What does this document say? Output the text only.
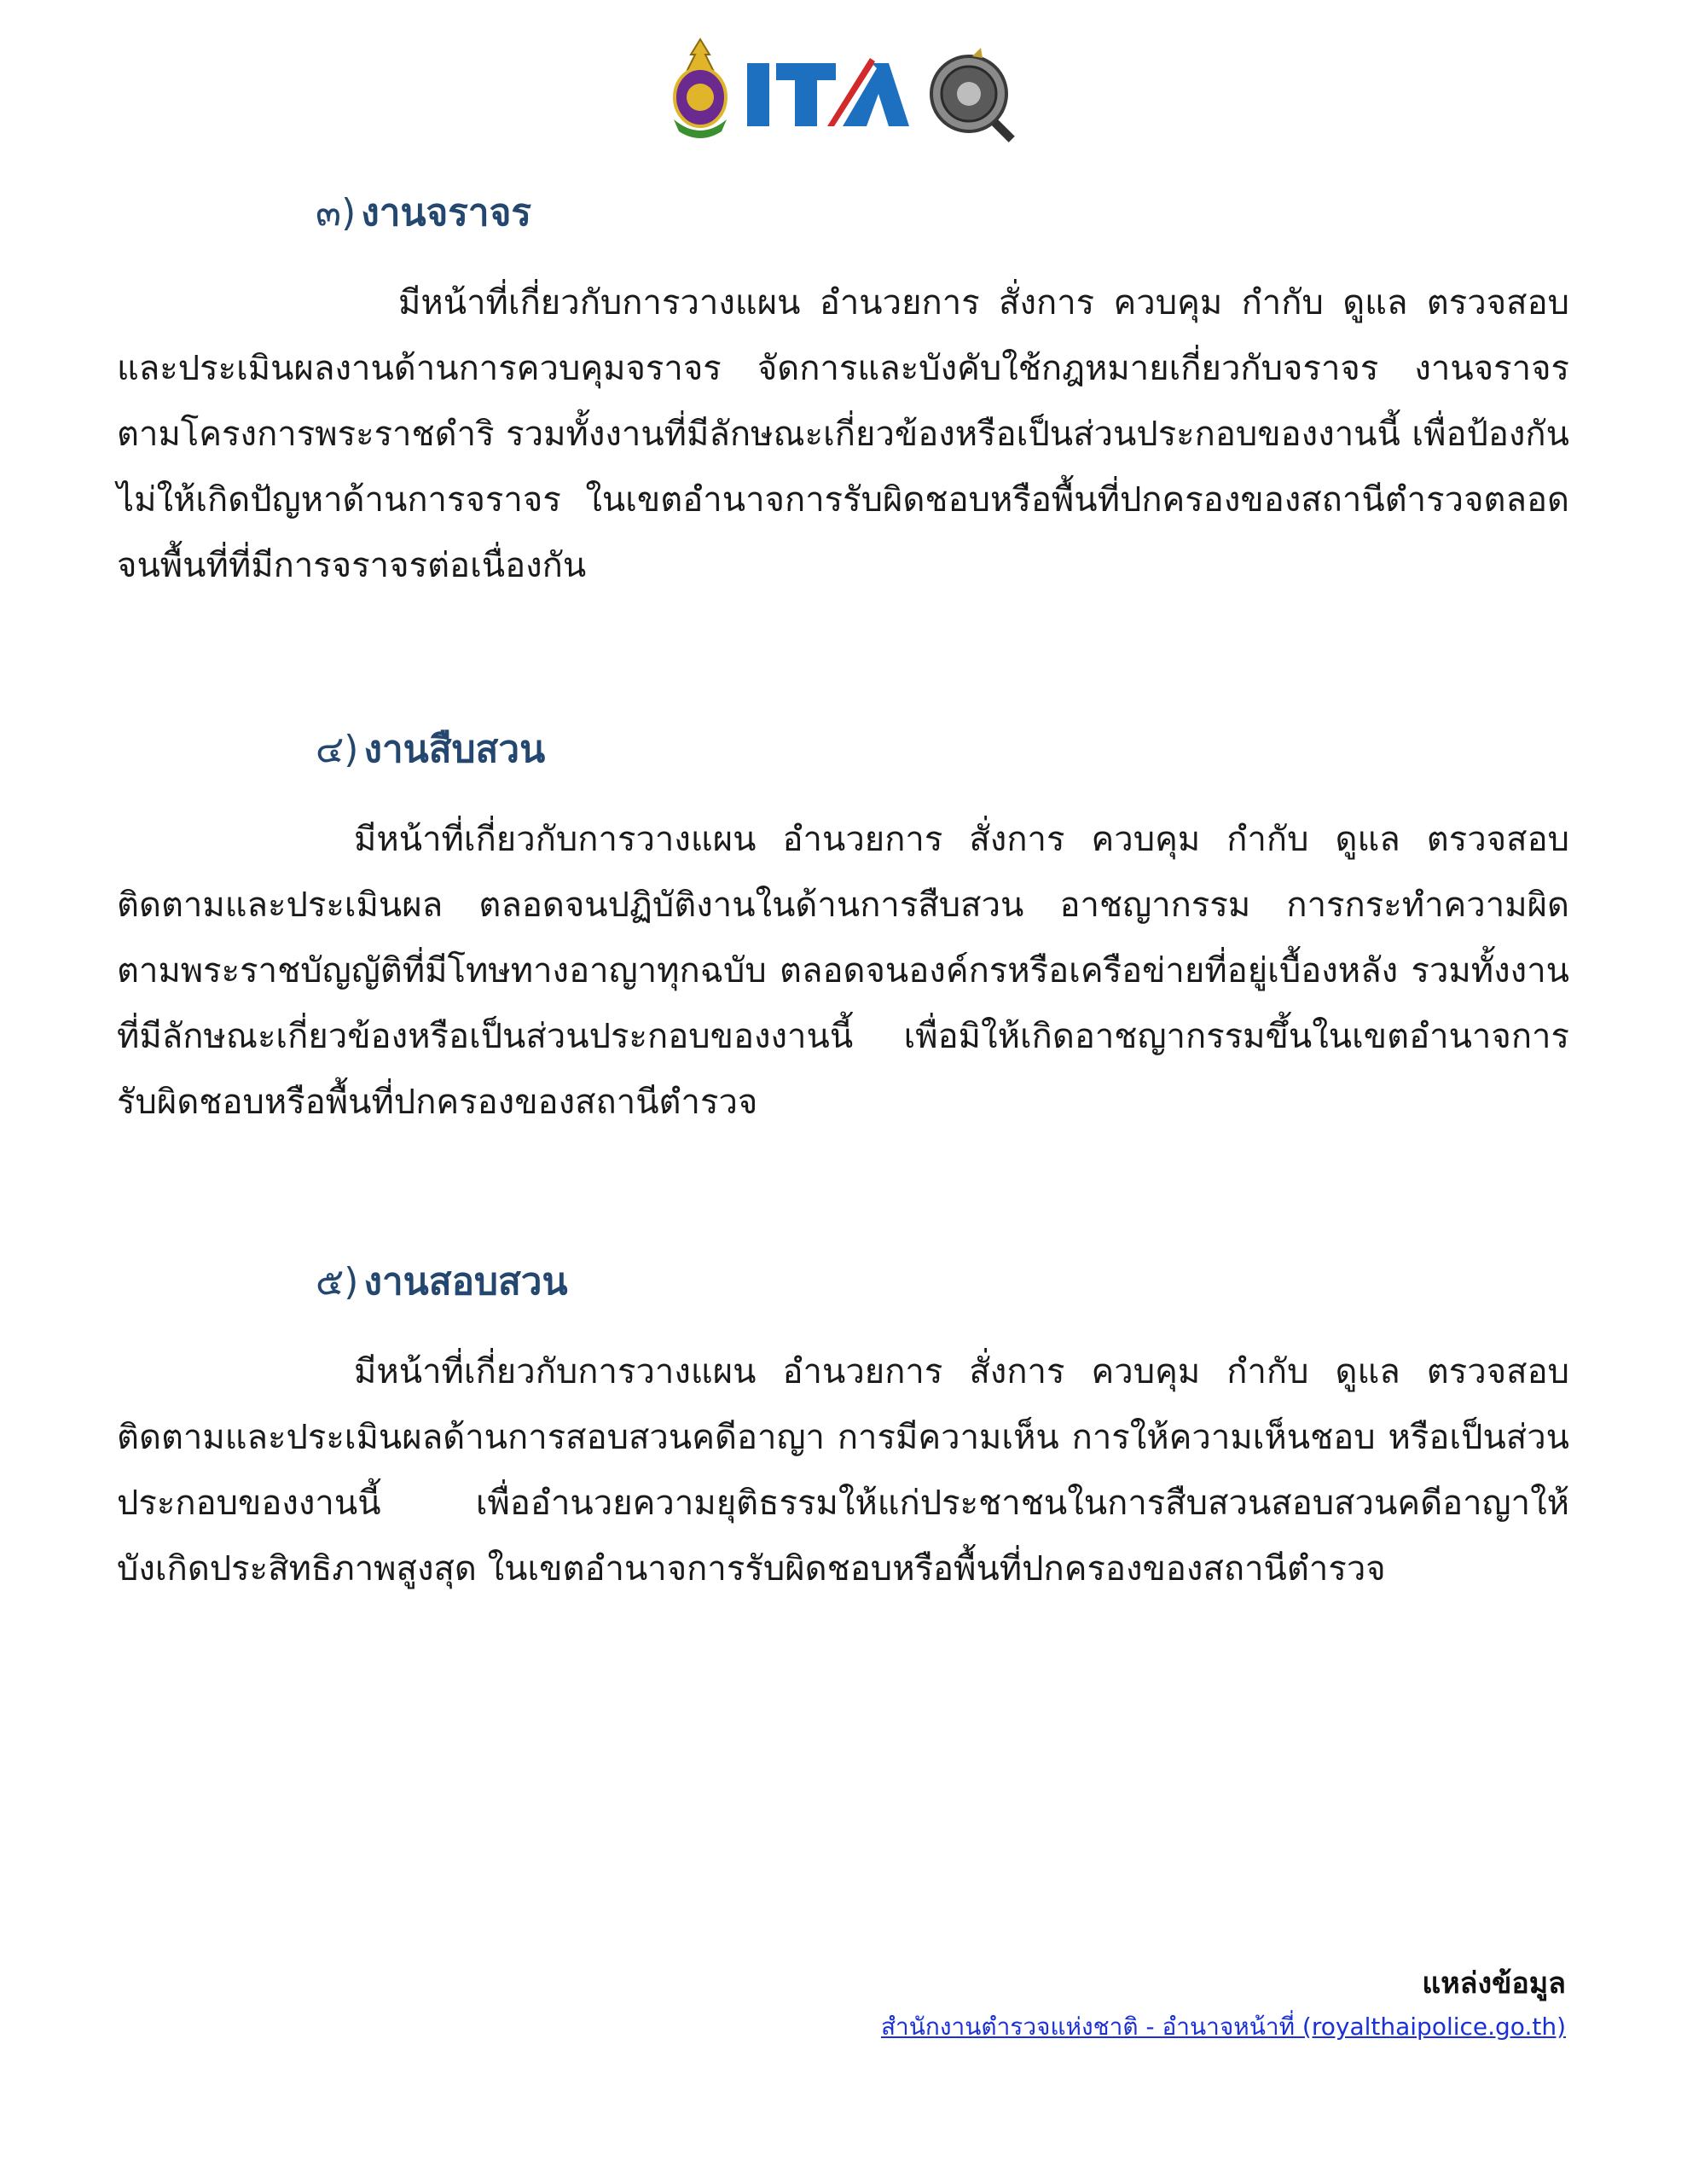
๓) งานจราจร
มีหน้าที่เกี่ยวกับการวางแผน อำนวยการ สั่งการ ควบคุม กำกับ ดูแล ตรวจสอบ และประเมินผลงานด้านการควบคุมจราจร จัดการและบังคับใช้กฎหมายเกี่ยวกับจราจร งานจราจรตามโครงการพระราชดำริ รวมทั้งงานที่มีลักษณะเกี่ยวข้องหรือเป็นส่วนประกอบของงานนี้ เพื่อป้องกันไม่ให้เกิดปัญหาด้านการจราจร ในเขตอำนาจการรับผิดชอบหรือพื้นที่ปกครองของสถานีตำรวจตลอดจนพื้นที่ที่มีการจราจรต่อเนื่องกัน
๔) งานสืบสวน
มีหน้าที่เกี่ยวกับการวางแผน อำนวยการ สั่งการ ควบคุม กำกับ ดูแล ตรวจสอบ ติดตามและประเมินผล ตลอดจนปฏิบัติงานในด้านการสืบสวน อาชญากรรม การกระทำความผิดตามพระราชบัญญัติที่มีโทษทางอาญาทุกฉบับ ตลอดจนองค์กรหรือเครือข่ายที่อยู่เบื้องหลัง รวมทั้งงานที่มีลักษณะเกี่ยวข้องหรือเป็นส่วนประกอบของงานนี้ เพื่อมิให้เกิดอาชญากรรมขึ้นในเขตอำนาจการรับผิดชอบหรือพื้นที่ปกครองของสถานีตำรวจ
๕) งานสอบสวน
มีหน้าที่เกี่ยวกับการวางแผน อำนวยการ สั่งการ ควบคุม กำกับ ดูแล ตรวจสอบ ติดตามและประเมินผลด้านการสอบสวนคดีอาญา การมีความเห็น การให้ความเห็นชอบ หรือเป็นส่วนประกอบของงานนี้ เพื่ออำนวยความยุติธรรมให้แก่ประชาชนในการสืบสวนสอบสวนคดีอาญาให้บังเกิดประสิทธิภาพสูงสุด ในเขตอำนาจการรับผิดชอบหรือพื้นที่ปกครองของสถานีตำรวจ
แหล่งข้อมูล
สำนักงานตำรวจแห่งชาติ - อำนาจหน้าที่ (royalthaipolice.go.th)
